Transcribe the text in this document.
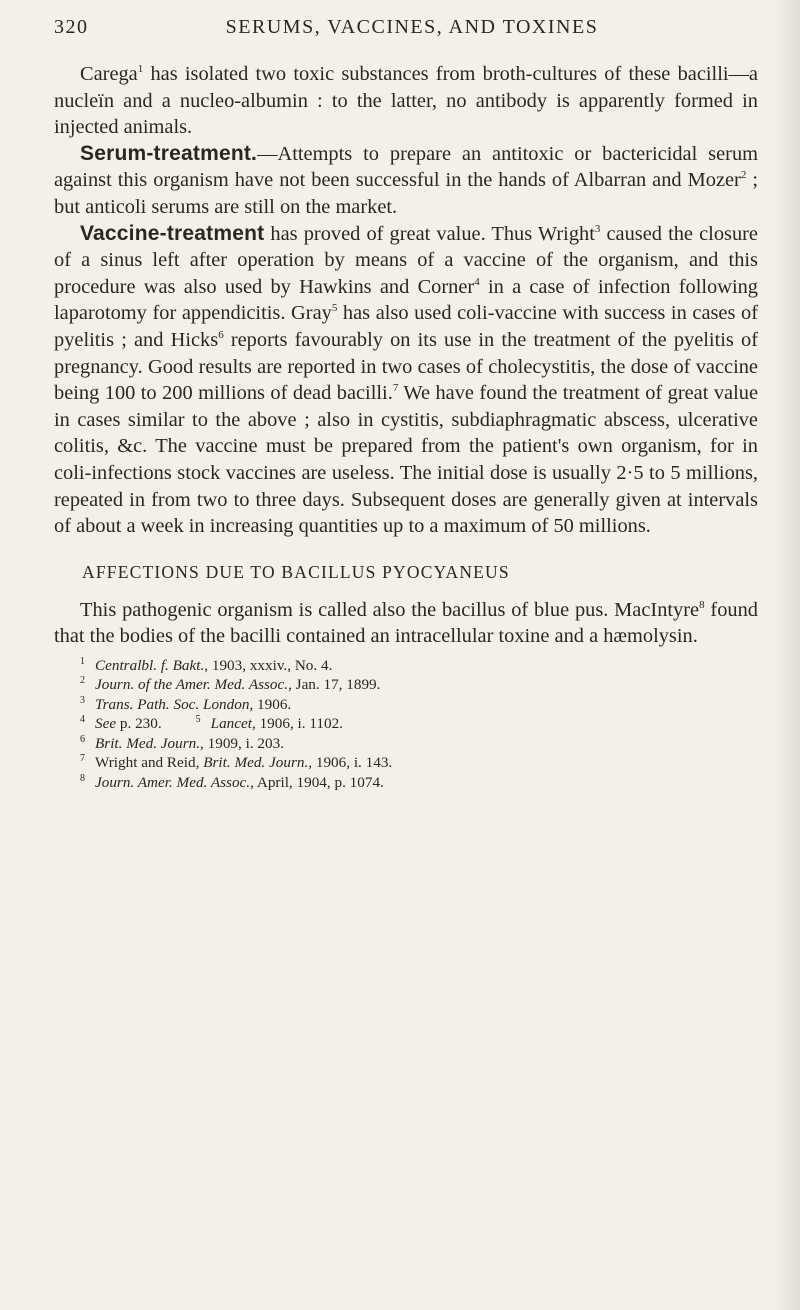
320	SERUMS, VACCINES, AND TOXINES

Carega$^1$ has isolated two toxic substances from broth-cultures of these bacilli—a nucleïn and a nucleo-albumin : to the latter, no antibody is apparently formed in injected animals.

Serum-treatment.—Attempts to prepare an antitoxic or bactericidal serum against this organism have not been successful in the hands of Albarran and Mozer$^2$ ; but anticoli serums are still on the market.

Vaccine-treatment has proved of great value. Thus Wright$^3$ caused the closure of a sinus left after operation by means of a vaccine of the organism, and this procedure was also used by Hawkins and Corner$^4$ in a case of infection following laparotomy for appendicitis. Gray$^5$ has also used coli-vaccine with success in cases of pyelitis ; and Hicks$^6$ reports favourably on its use in the treatment of the pyelitis of pregnancy. Good results are reported in two cases of cholecystitis, the dose of vaccine being 100 to 200 millions of dead bacilli.$^7$ We have found the treatment of great value in cases similar to the above ; also in cystitis, subdiaphragmatic abscess, ulcerative colitis, &c. The vaccine must be prepared from the patient's own organism, for in coli-infections stock vaccines are useless. The initial dose is usually 2·5 to 5 millions, repeated in from two to three days. Subsequent doses are generally given at intervals of about a week in increasing quantities up to a maximum of 50 millions.

AFFECTIONS DUE TO BACILLUS PYOCYANEUS

This pathogenic organism is called also the bacillus of blue pus. MacIntyre$^8$ found that the bodies of the bacilli contained an intracellular toxine and a hæmolysin.

$^1$ Centralbl. f. Bakt., 1903, xxxiv., No. 4.
$^2$ Journ. of the Amer. Med. Assoc., Jan. 17, 1899.
$^3$ Trans. Path. Soc. London, 1906.
$^4$ See p. 230.	$^5$ Lancet, 1906, i. 1102.
$^6$ Brit. Med. Journ., 1909, i. 203.
$^7$ Wright and Reid, Brit. Med. Journ., 1906, i. 143.
$^8$ Journ. Amer. Med. Assoc., April, 1904, p. 1074.
